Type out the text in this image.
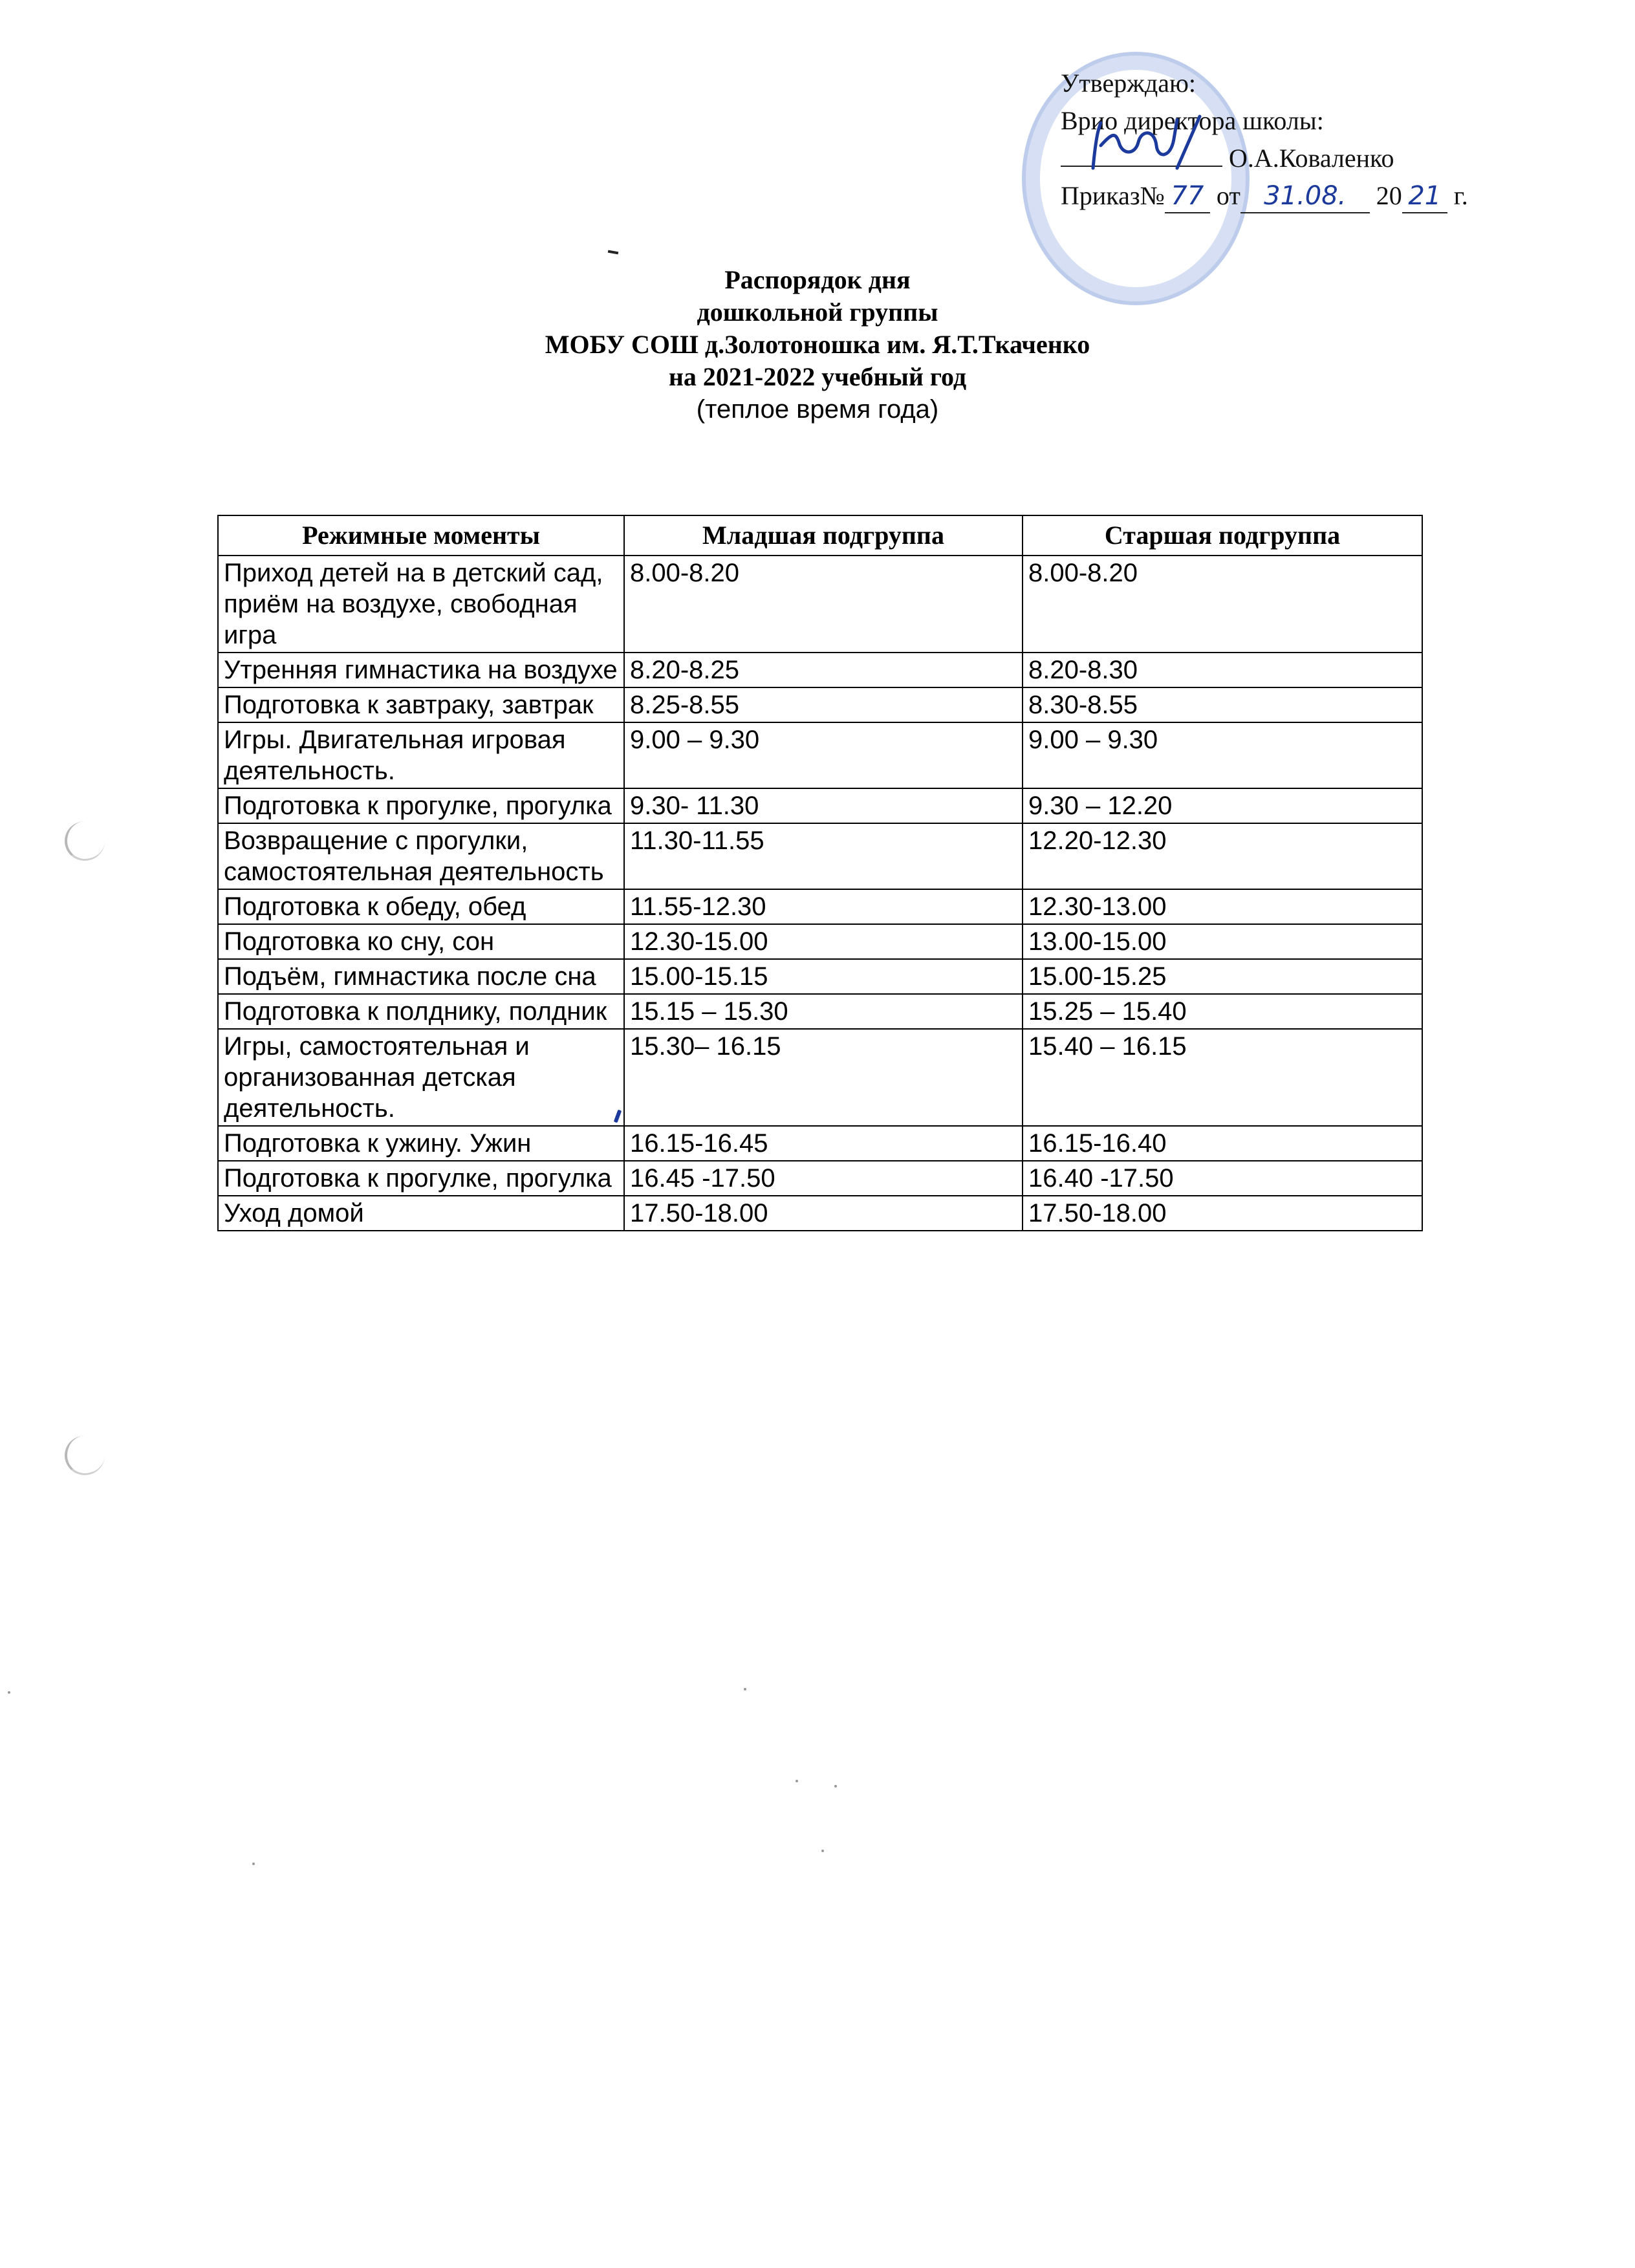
Утверждаю:
Врио директора школы:
О.А.Коваленко
Приказ№ 77 от 31.08. 20 21 г.
Распорядок дня
дошкольной группы
МОБУ СОШ д.Золотоношка им. Я.Т.Ткаченко
на 2021-2022 учебный год
(теплое время года)
Режимные моменты	Младшая подгруппа	Старшая подгруппа
Приход детей на в детский сад, приём на воздухе, свободная игра	8.00-8.20	8.00-8.20
Утренняя гимнастика на воздухе	8.20-8.25	8.20-8.30
Подготовка к завтраку, завтрак	8.25-8.55	8.30-8.55
Игры. Двигательная игровая деятельность.	9.00 – 9.30	9.00 – 9.30
Подготовка к прогулке, прогулка	9.30- 11.30	9.30 – 12.20
Возвращение с прогулки, самостоятельная деятельность	11.30-11.55	12.20-12.30
Подготовка к обеду, обед	11.55-12.30	12.30-13.00
Подготовка ко сну, сон	12.30-15.00	13.00-15.00
Подъём, гимнастика после сна	15.00-15.15	15.00-15.25
Подготовка к полднику, полдник	15.15 – 15.30	15.25 – 15.40
Игры, самостоятельная и организованная детская деятельность.	15.30– 16.15	15.40 – 16.15
Подготовка к ужину. Ужин	16.15-16.45	16.15-16.40
Подготовка к прогулке, прогулка	16.45 -17.50	16.40 -17.50
Уход домой	17.50-18.00	17.50-18.00
